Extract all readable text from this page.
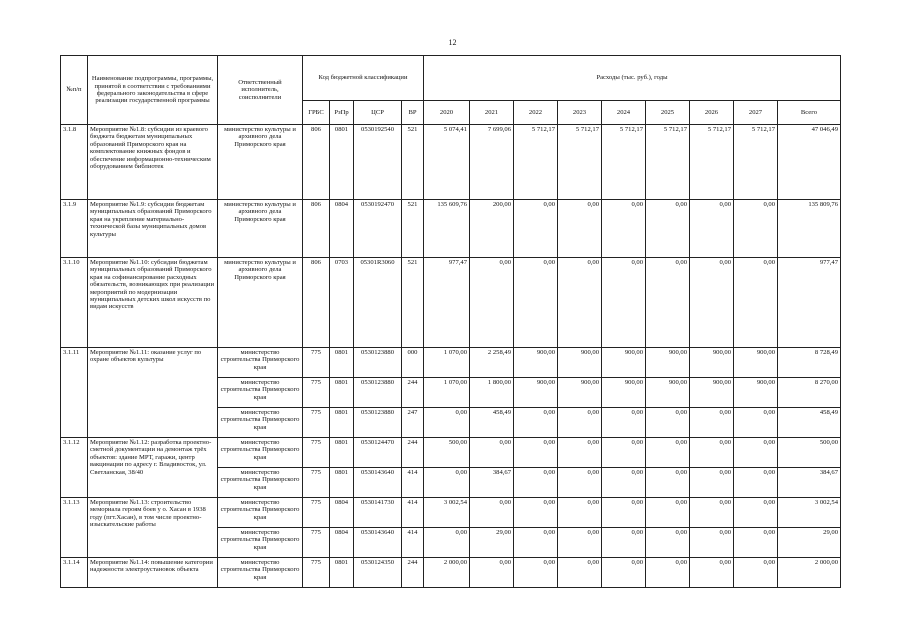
12
№п/п	Наименование подпрограммы, программы, принятой в соответствии с требованиями федерального законодательства в сфере реализации государственной программы	Ответственный исполнитель, соисполнители	Код бюджетной классификации				Расходы (тыс. руб.), годы								
			ГРБС	РзПр	ЦСР	ВР	2020	2021	2022	2023	2024	2025	2026	2027	Всего
3.1.8	Мероприятие №1.8: субсидии из краевого бюджета бюджетам муниципальных образований Приморского края на комплектование книжных фондов и обеспечение информационно-техническим оборудованием библиотек	министерство культуры и архивного дела Приморского края	806	0801	0530192540	521	5 074,41	7 699,06	5 712,17	5 712,17	5 712,17	5 712,17	5 712,17	5 712,17	47 046,49
3.1.9	Мероприятие №1.9: субсидии бюджетам муниципальных образований Приморского края на укрепление материально-технической базы муниципальных домов культуры	министерство культуры и архивного дела Приморского края	806	0804	0530192470	521	135 609,76	200,00	0,00	0,00	0,00	0,00	0,00	0,00	135 809,76
3.1.10	Мероприятие №1.10: субсидии бюджетам муниципальных образований Приморского края на софинансирование расходных обязательств, возникающих при реализации мероприятий по модернизации муниципальных детских школ искусств по видам искусств	министерство культуры и архивного дела Приморского края	806	0703	05301R3060	521	977,47	0,00	0,00	0,00	0,00	0,00	0,00	0,00	977,47
3.1.11	Мероприятие №1.11: оказание услуг по охране объектов культуры	министерство строительства Приморского края	775	0801	0530123880	000	1 070,00	2 258,49	900,00	900,00	900,00	900,00	900,00	900,00	8 728,49
		министерство строительства Приморского края	775	0801	0530123880	244	1 070,00	1 800,00	900,00	900,00	900,00	900,00	900,00	900,00	8 270,00
		министерство строительства Приморского края	775	0801	0530123880	247	0,00	458,49	0,00	0,00	0,00	0,00	0,00	0,00	458,49
3.1.12	Мероприятие №1.12: разработка проектно-сметной документации на демонтаж трёх объектов: здание МРТ, гаражи, центр вакцинации по адресу г. Владивосток, ул. Светланская, 38/40	министерство строительства Приморского края	775	0801	0530124470	244	500,00	0,00	0,00	0,00	0,00	0,00	0,00	0,00	500,00
		министерство строительства Приморского края	775	0801	0530143640	414	0,00	384,67	0,00	0,00	0,00	0,00	0,00	0,00	384,67
3.1.13	Мероприятие №1.13: строительство мемориала героям боев у о. Хасан в 1938 году (пгт.Хасан), в том числе проектно-изыскательские работы	министерство строительства Приморского края	775	0804	0530141730	414	3 002,54	0,00	0,00	0,00	0,00	0,00	0,00	0,00	3 002,54
		министерство строительства Приморского края	775	0804	0530143640	414	0,00	29,00	0,00	0,00	0,00	0,00	0,00	0,00	29,00
3.1.14	Мероприятие №1.14: повышение категории надежности электроустановок объекта	министерство строительства Приморского края	775	0801	0530124350	244	2 000,00	0,00	0,00	0,00	0,00	0,00	0,00	0,00	2 000,00
